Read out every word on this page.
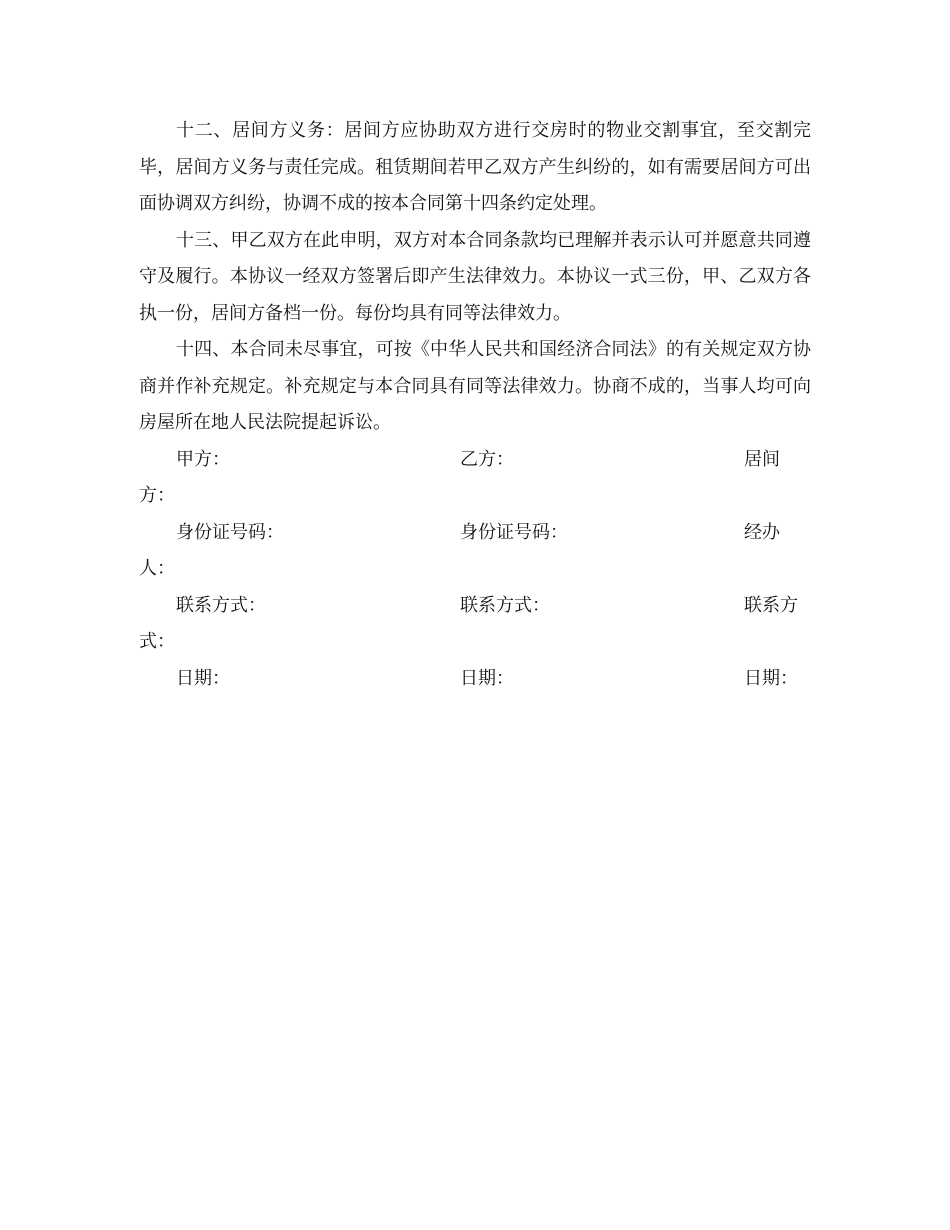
十二、居间方义务：居间方应协助双方进行交房时的物业交割事宜，至交割完毕，居间方义务与责任完成。租赁期间若甲乙双方产生纠纷的，如有需要居间方可出面协调双方纠纷，协调不成的按本合同第十四条约定处理。

十三、甲乙双方在此申明，双方对本合同条款均已理解并表示认可并愿意共同遵守及履行。本协议一经双方签署后即产生法律效力。本协议一式三份，甲、乙双方各执一份，居间方备档一份。每份均具有同等法律效力。

十四、本合同未尽事宜，可按《中华人民共和国经济合同法》的有关规定双方协商并作补充规定。补充规定与本合同具有同等法律效力。协商不成的，当事人均可向房屋所在地人民法院提起诉讼。

甲方：	乙方：	居间
方：
身份证号码：	身份证号码：	经办
人：
联系方式：	联系方式：	联系方
式：
日期：	日期：	日期：
